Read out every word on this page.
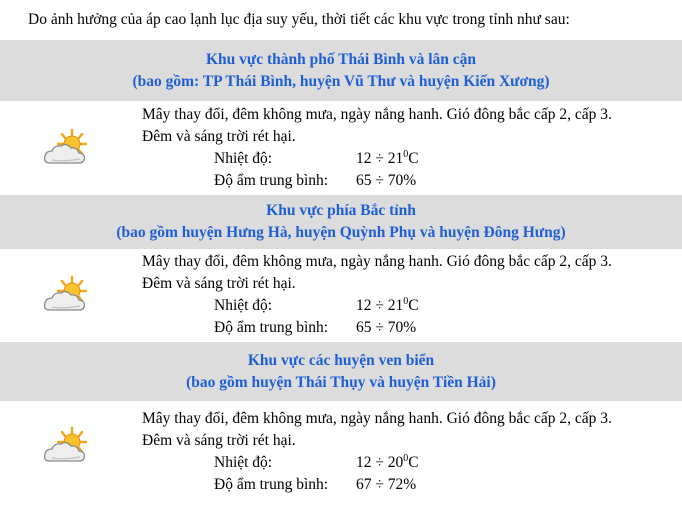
Do ảnh hưởng của áp cao lạnh lục địa suy yếu, thời tiết các khu vực trong tỉnh như sau:
Khu vực thành phố Thái Bình và lân cận
(bao gồm: TP Thái Bình, huyện Vũ Thư và huyện Kiến Xương)
Mây thay đổi, đêm không mưa, ngày nắng hanh. Gió đông bắc cấp 2, cấp 3.
Đêm và sáng trời rét hại.
Nhiệt độ:	$12 \div 21^0C$
Độ ẩm trung bình: 65 ÷ 70%
Khu vực phía Bắc tỉnh
(bao gồm huyện Hưng Hà, huyện Quỳnh Phụ và huyện Đông Hưng)
Mây thay đổi, đêm không mưa, ngày nắng hanh. Gió đông bắc cấp 2, cấp 3.
Đêm và sáng trời rét hại.
Nhiệt độ:	$12 \div 21^0C$
Độ ẩm trung bình: 65 ÷ 70%
Khu vực các huyện ven biển
(bao gồm huyện Thái Thụy và huyện Tiền Hải)
Mây thay đổi, đêm không mưa, ngày nắng hanh. Gió đông bắc cấp 2, cấp 3.
Đêm và sáng trời rét hại.
Nhiệt độ:	$12 \div 20^0C$
Độ ẩm trung bình: 67 ÷ 72%
